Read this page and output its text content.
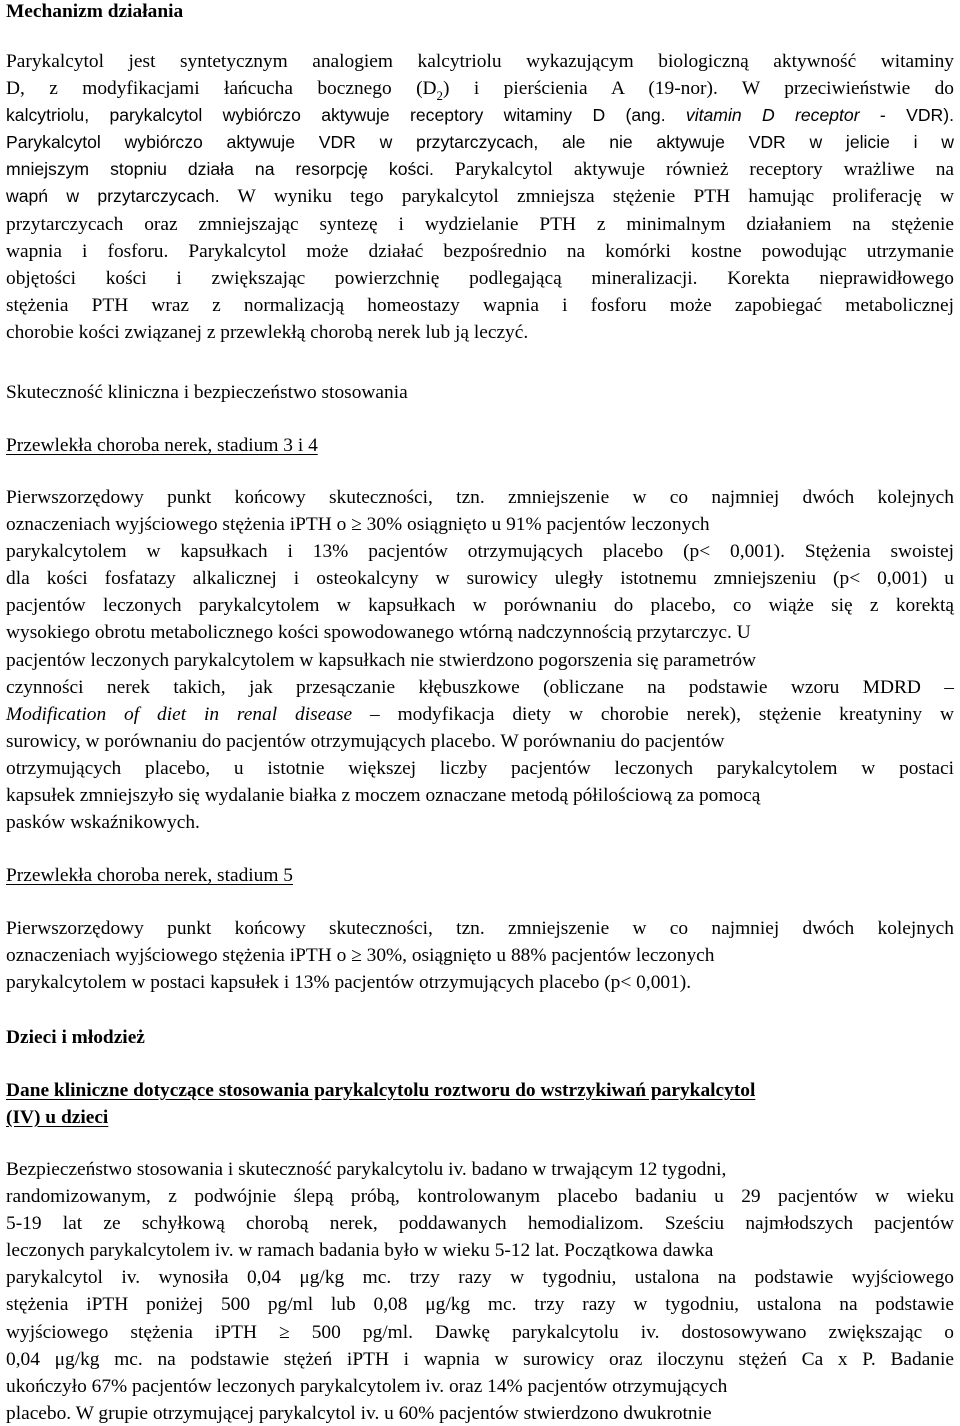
Mechanizm działania
Parykalcytol jest syntetycznym analogiem kalcytriolu wykazującym biologiczną aktywność witaminy
D, z modyfikacjami łańcucha bocznego $(D_2)$ i pierścienia A (19-nor). W przeciwieństwie do
kalcytriolu, parykalcytol wybiórczo aktywuje receptory witaminy D (ang. vitamin D receptor - VDR).
Parykalcytol wybiórczo aktywuje VDR w przytarczycach, ale nie aktywuje VDR w jelicie i w
mniejszym stopniu działa na resorpcję kości. Parykalcytol aktywuje również receptory wrażliwe na
wapń w przytarczycach. W wyniku tego parykalcytol zmniejsza stężenie PTH hamując proliferację w
przytarczycach oraz zmniejszając syntezę i wydzielanie PTH z minimalnym działaniem na stężenie
wapnia i fosforu. Parykalcytol może działać bezpośrednio na komórki kostne powodując utrzymanie
objętości kości i zwiększając powierzchnię podlegającą mineralizacji. Korekta nieprawidłowego
stężenia PTH wraz z normalizacją homeostazy wapnia i fosforu może zapobiegać metabolicznej
chorobie kości związanej z przewlekłą chorobą nerek lub ją leczyć.
Skuteczność kliniczna i bezpieczeństwo stosowania
Przewlekła choroba nerek, stadium 3 i 4
Pierwszorzędowy punkt końcowy skuteczności, tzn. zmniejszenie w co najmniej dwóch kolejnych
oznaczeniach wyjściowego stężenia iPTH o ≥ 30% osiągnięto u 91% pacjentów leczonych
parykalcytolem w kapsułkach i 13% pacjentów otrzymujących placebo (p< 0,001). Stężenia swoistej
dla kości fosfatazy alkalicznej i osteokalcyny w surowicy uległy istotnemu zmniejszeniu (p< 0,001) u
pacjentów leczonych parykalcytolem w kapsułkach w porównaniu do placebo, co wiąże się z korektą
wysokiego obrotu metabolicznego kości spowodowanego wtórną nadczynnością przytarczyc. U
pacjentów leczonych parykalcytolem w kapsułkach nie stwierdzono pogorszenia się parametrów
czynności nerek takich, jak przesączanie kłębuszkowe (obliczane na podstawie wzoru MDRD –
Modification of diet in renal disease – modyfikacja diety w chorobie nerek), stężenie kreatyniny w
surowicy, w porównaniu do pacjentów otrzymujących placebo. W porównaniu do pacjentów
otrzymujących placebo, u istotnie większej liczby pacjentów leczonych parykalcytolem w postaci
kapsułek zmniejszyło się wydalanie białka z moczem oznaczane metodą półilościową za pomocą
pasków wskaźnikowych.
Przewlekła choroba nerek, stadium 5
Pierwszorzędowy punkt końcowy skuteczności, tzn. zmniejszenie w co najmniej dwóch kolejnych
oznaczeniach wyjściowego stężenia iPTH o ≥ 30%, osiągnięto u 88% pacjentów leczonych
parykalcytolem w postaci kapsułek i 13% pacjentów otrzymujących placebo (p< 0,001).
Dzieci i młodzież
Dane kliniczne dotyczące stosowania parykalcytolu roztworu do wstrzykiwań parykalcytol
(IV) u dzieci
Bezpieczeństwo stosowania i skuteczność parykalcytolu iv. badano w trwającym 12 tygodni,
randomizowanym, z podwójnie ślepą próbą, kontrolowanym placebo badaniu u 29 pacjentów w wieku
5-19 lat ze schyłkową chorobą nerek, poddawanych hemodializom. Sześciu najmłodszych pacjentów
leczonych parykalcytolem iv. w ramach badania było w wieku 5-12 lat. Początkowa dawka
parykalcytol iv. wynosiła 0,04 μg/kg mc. trzy razy w tygodniu, ustalona na podstawie wyjściowego
stężenia iPTH poniżej 500 pg/ml lub 0,08 μg/kg mc. trzy razy w tygodniu, ustalona na podstawie
wyjściowego stężenia iPTH ≥ 500 pg/ml. Dawkę parykalcytolu iv. dostosowywano zwiększając o
0,04 μg/kg mc. na podstawie stężeń iPTH i wapnia w surowicy oraz iloczynu stężeń Ca x P. Badanie
ukończyło 67% pacjentów leczonych parykalcytolem iv. oraz 14% pacjentów otrzymujących
placebo. W grupie otrzymującej parykalcytol iv. u 60% pacjentów stwierdzono dwukrotnie
